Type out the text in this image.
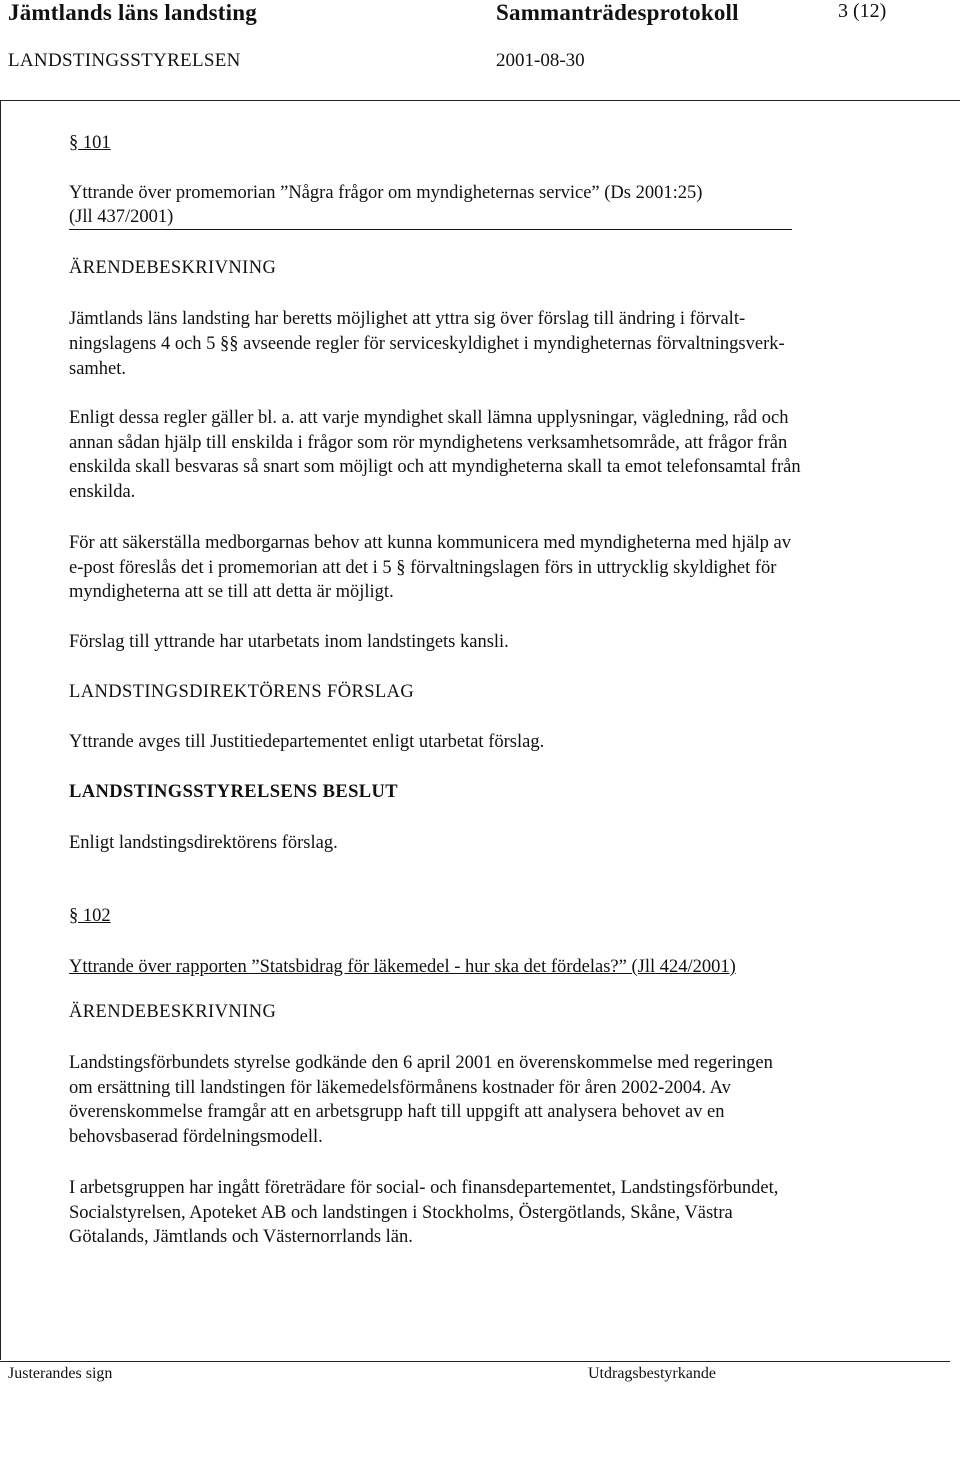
Jämtlands läns landsting	Sammanträdesprotokoll	3 (12)
LANDSTINGSSTYRELSEN	2001-08-30
§ 101
Yttrande över promemorian ”Några frågor om myndigheternas service” (Ds 2001:25)
(Jll 437/2001)
ÄRENDEBESKRIVNING
Jämtlands läns landsting har beretts möjlighet att yttra sig över förslag till ändring i förvalt-
ningslagens 4 och 5 §§ avseende regler för serviceskyldighet i myndigheternas förvaltningsverk-
samhet.
Enligt dessa regler gäller bl. a. att varje myndighet skall lämna upplysningar, vägledning, råd och
annan sådan hjälp till enskilda i frågor som rör myndighetens verksamhetsområde, att frågor från
enskilda skall besvaras så snart som möjligt och att myndigheterna skall ta emot telefonsamtal från
enskilda.
För att säkerställa medborgarnas behov att kunna kommunicera med myndigheterna med hjälp av
e-post föreslås det i promemorian att det i 5 § förvaltningslagen förs in uttrycklig skyldighet för
myndigheterna att se till att detta är möjligt.
Förslag till yttrande har utarbetats inom landstingets kansli.
LANDSTINGSDIREKTÖRENS FÖRSLAG
Yttrande avges till Justitiedepartementet enligt utarbetat förslag.
LANDSTINGSSTYRELSENS BESLUT
Enligt landstingsdirektörens förslag.
§ 102
Yttrande över rapporten ”Statsbidrag för läkemedel - hur ska det fördelas?” (Jll 424/2001)
ÄRENDEBESKRIVNING
Landstingsförbundets styrelse godkände den 6 april 2001 en överenskommelse med regeringen
om ersättning till landstingen för läkemedelsförmånens kostnader för åren 2002-2004. Av
överenskommelse framgår att en arbetsgrupp haft till uppgift att analysera behovet av en
behovsbaserad fördelningsmodell.
I arbetsgruppen har ingått företrädare för social- och finansdepartementet, Landstingsförbundet,
Socialstyrelsen, Apoteket AB och landstingen i Stockholms, Östergötlands, Skåne, Västra
Götalands, Jämtlands och Västernorrlands län.
Justerandes sign	Utdragsbestyrkande
